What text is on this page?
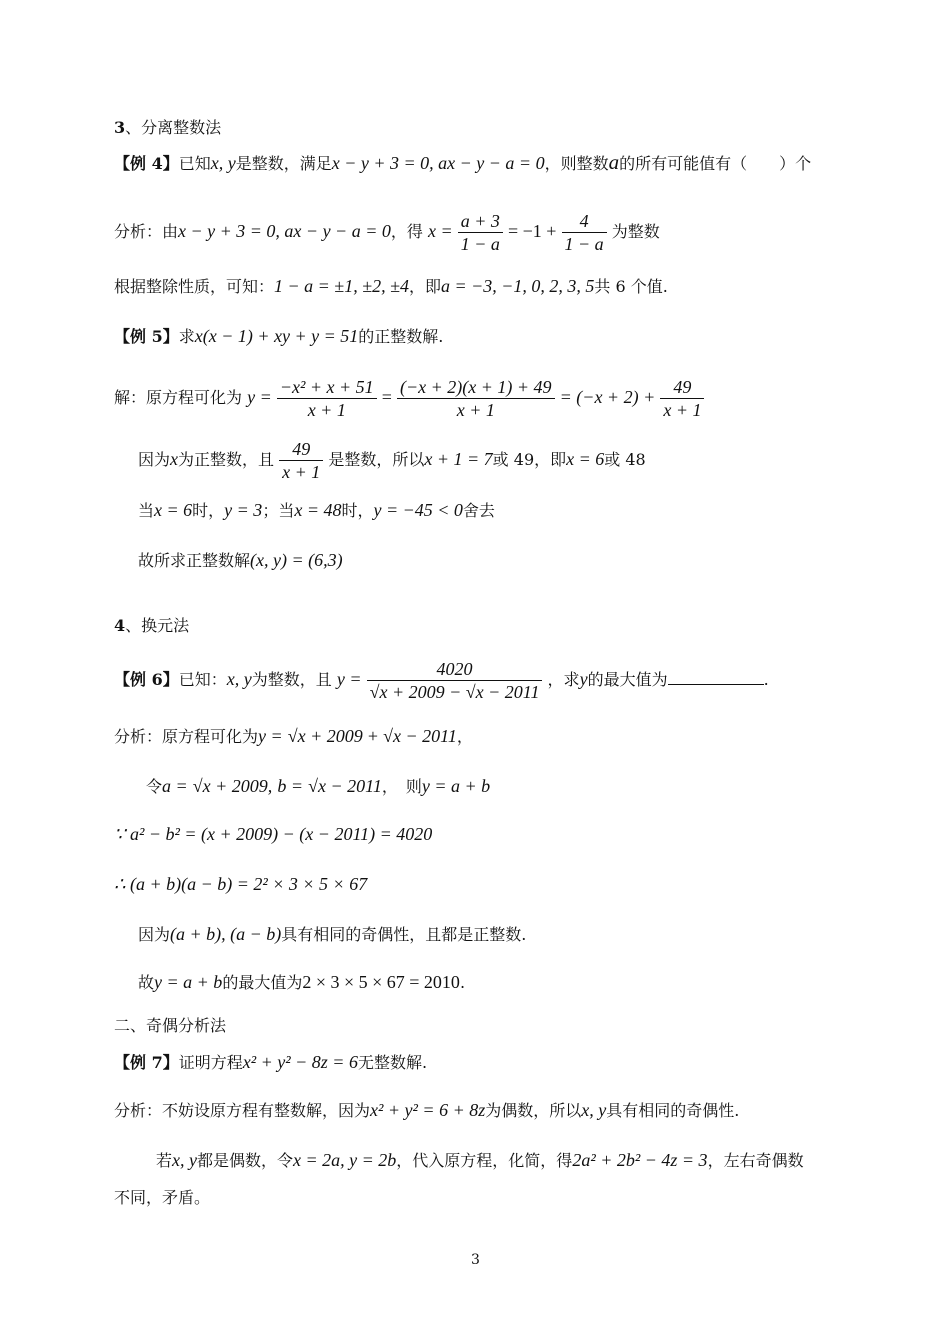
3、分离整数法
【例 4】已知x, y是整数，满足x − y + 3 = 0, ax − y − a = 0，则整数a的所有可能值有（　　）个
分析：由x − y + 3 = 0, ax − y − a = 0，得 $x = \frac{a + 3}{1 - a} = -1 + \frac{4}{1 - a}$ 为整数
根据整除性质，可知：1 − a = ±1, ±2, ±4，即a = −3, −1, 0, 2, 3, 5共 6 个值.
【例 5】求x(x − 1) + xy + y = 51的正整数解.
解：原方程可化为 $y = \frac{\text{−x² + x + 51}}{x + 1} = \frac{(-x + 2)(x + 1) + 49}{x + 1} = (-x + 2) + \frac{49}{x + 1}$
因为x为正整数，且 $\frac{49}{x + 1}$ 是整数，所以x + 1 = 7或 49，即x = 6或 48
当x = 6时，y = 3；当x = 48时，y = −45 < 0舍去
故所求正整数解(x, y) = (6,3)
4、换元法
【例 6】已知：x, y为整数，且 $y = \frac{4020}{√x + 2009 - √x - 2011}$ ，求y的最大值为	.
分析：原方程可化为y = √x + 2009 + √x − 2011，
令a = √x + 2009, b = √x − 2011，　则y = a + b
∵ a² − b² = (x + 2009) − (x − 2011) = 4020
∴ (a + b)(a − b) = 2² × 3 × 5 × 67
因为(a + b), (a − b)具有相同的奇偶性，且都是正整数.
故y = a + b的最大值为2 × 3 × 5 × 67 = 2010.
二、奇偶分析法
【例 7】证明方程x² + y² − 8z = 6无整数解.
分析：不妨设原方程有整数解，因为x² + y² = 6 + 8z为偶数，所以x, y具有相同的奇偶性.
若x, y都是偶数，令x = 2a, y = 2b，代入原方程，化简，得2a² + 2b² − 4z = 3，左右奇偶数
不同，矛盾。
3
